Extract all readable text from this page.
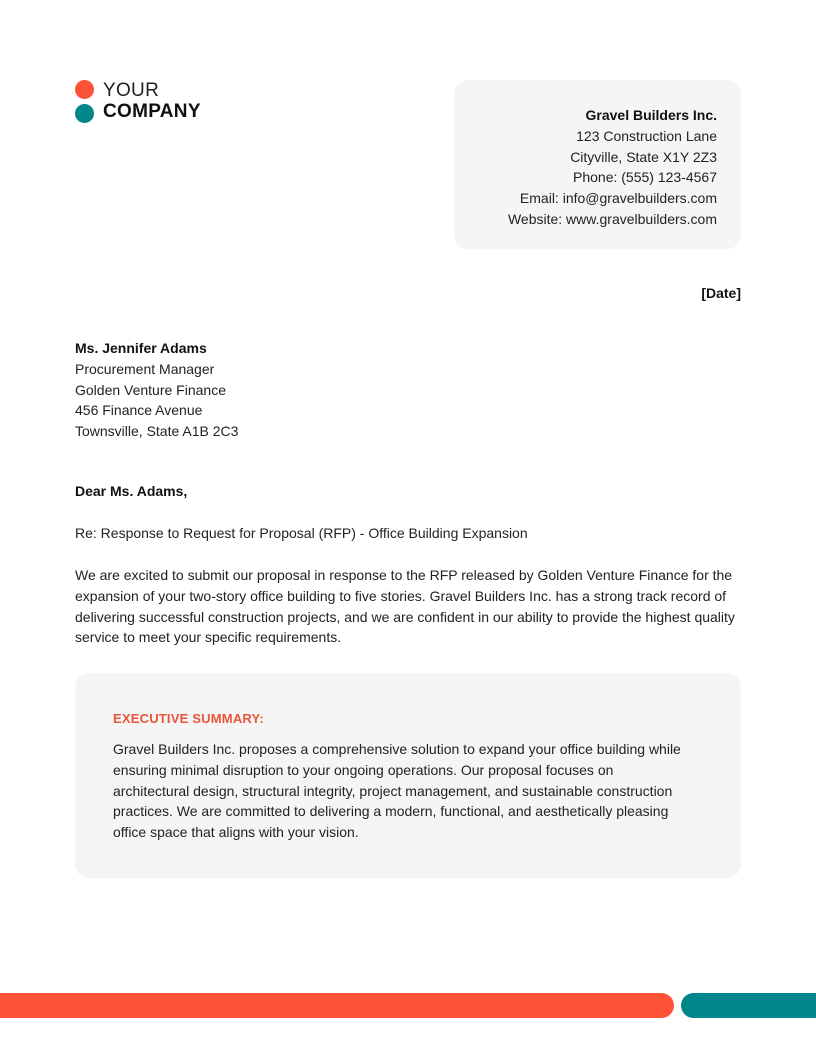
YOUR
COMPANY	Gravel Builders Inc.
123 Construction Lane
Cityville, State X1Y 2Z3
Phone: (555) 123-4567
Email: info@gravelbuilders.com
Website: www.gravelbuilders.com
[Date]
Ms. Jennifer Adams
Procurement Manager
Golden Venture Finance
456 Finance Avenue
Townsville, State A1B 2C3
Dear Ms. Adams,
Re: Response to Request for Proposal (RFP) - Office Building Expansion

We are excited to submit our proposal in response to the RFP released by Golden Venture Finance for the expansion of your two-story office building to five stories. Gravel Builders Inc. has a strong track record of delivering successful construction projects, and we are confident in our ability to provide the highest quality service to meet your specific requirements.

EXECUTIVE SUMMARY:

Gravel Builders Inc. proposes a comprehensive solution to expand your office building while ensuring minimal disruption to your ongoing operations. Our proposal focuses on architectural design, structural integrity, project management, and sustainable construction practices. We are committed to delivering a modern, functional, and aesthetically pleasing office space that aligns with your vision.
